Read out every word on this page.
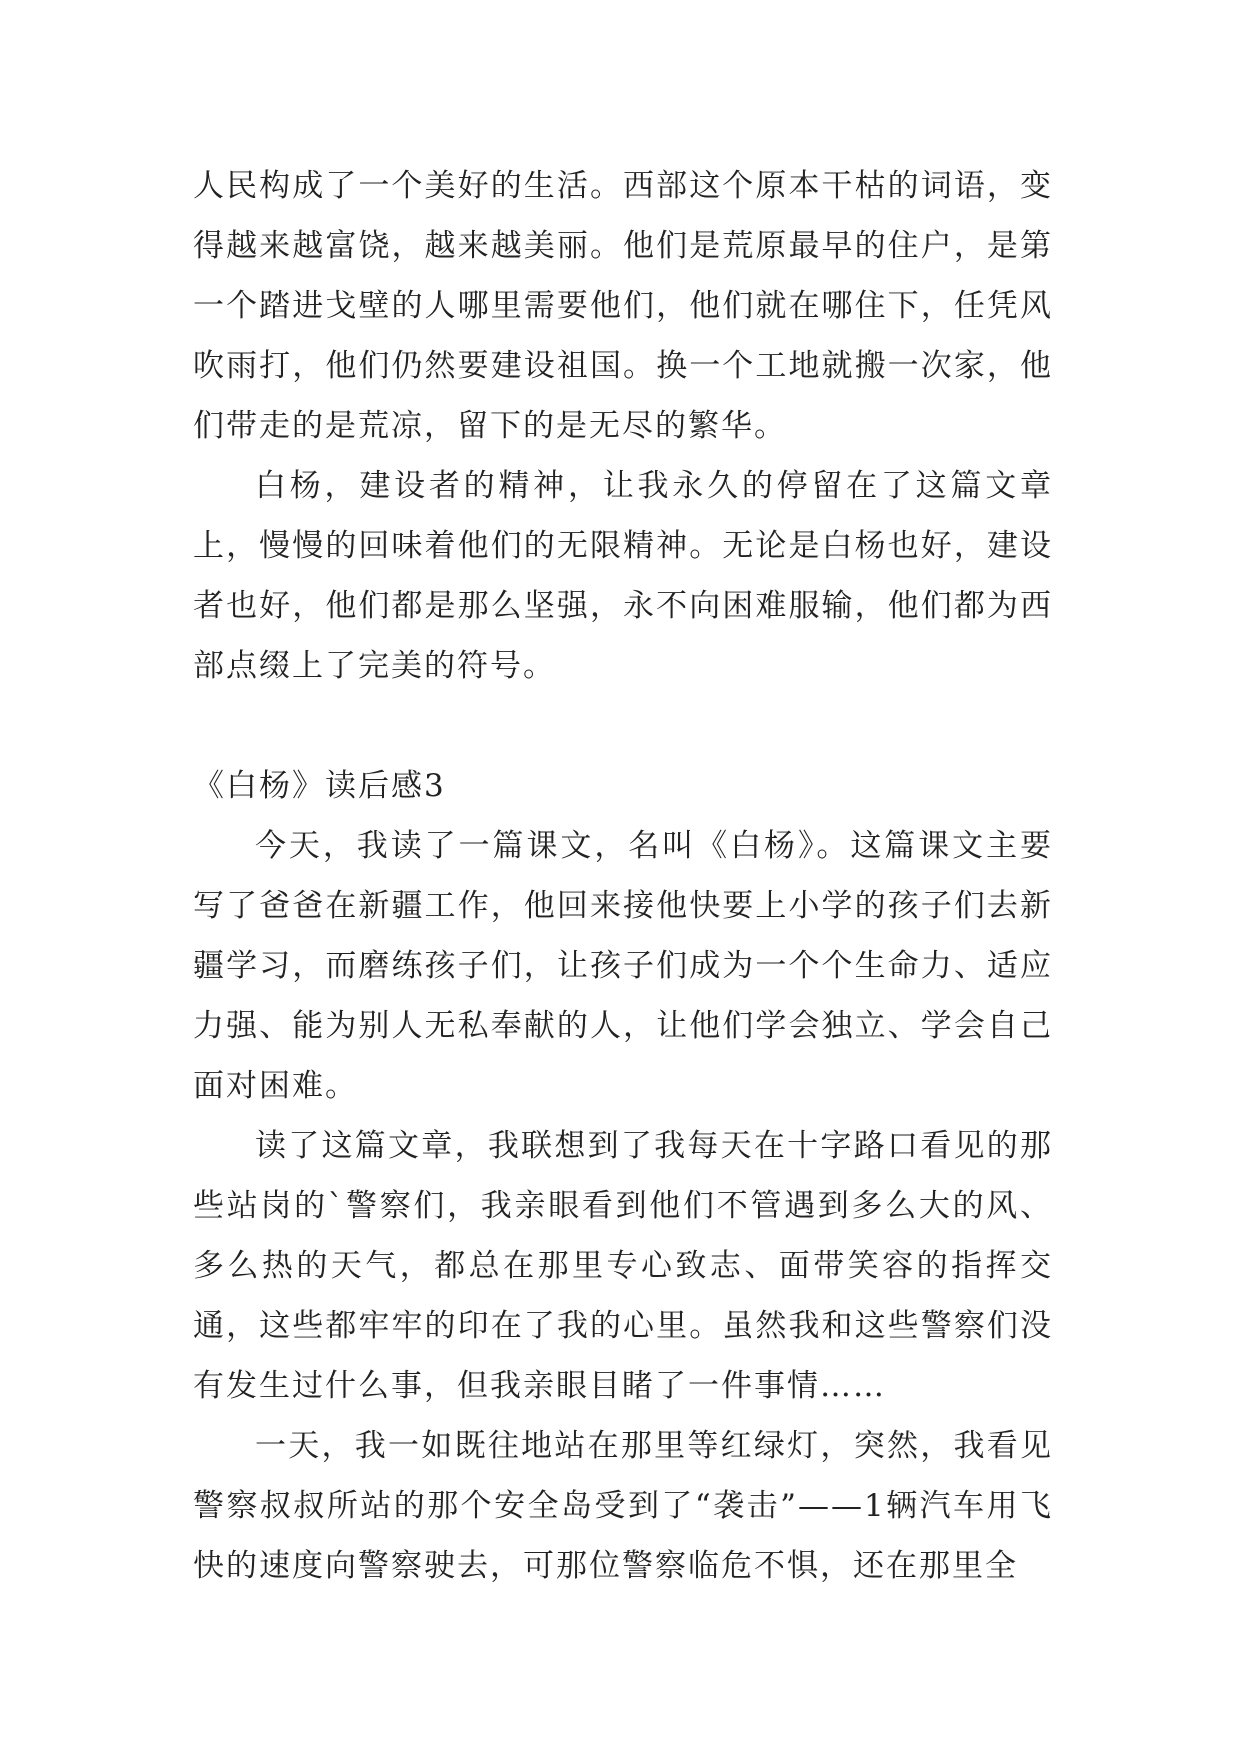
人民构成了一个美好的生活。西部这个原本干枯的词语，变得越来越富饶，越来越美丽。他们是荒原最早的住户，是第一个踏进戈壁的人哪里需要他们，他们就在哪住下，任凭风吹雨打，他们仍然要建设祖国。换一个工地就搬一次家，他们带走的是荒凉，留下的是无尽的繁华。

白杨，建设者的精神，让我永久的停留在了这篇文章上，慢慢的回味着他们的无限精神。无论是白杨也好，建设者也好，他们都是那么坚强，永不向困难服输，他们都为西部点缀上了完美的符号。

《白杨》读后感3

今天，我读了一篇课文，名叫《白杨》。这篇课文主要写了爸爸在新疆工作，他回来接他快要上小学的孩子们去新疆学习，而磨练孩子们，让孩子们成为一个个生命力、适应力强、能为别人无私奉献的人，让他们学会独立、学会自己面对困难。

读了这篇文章，我联想到了我每天在十字路口看见的那些站岗的`警察们，我亲眼看到他们不管遇到多么大的风、多么热的天气，都总在那里专心致志、面带笑容的指挥交通，这些都牢牢的印在了我的心里。虽然我和这些警察们没有发生过什么事，但我亲眼目睹了一件事情……

一天，我一如既往地站在那里等红绿灯，突然，我看见警察叔叔所站的那个安全岛受到了“袭击”——1辆汽车用飞快的速度向警察驶去，可那位警察临危不惧，还在那里全
